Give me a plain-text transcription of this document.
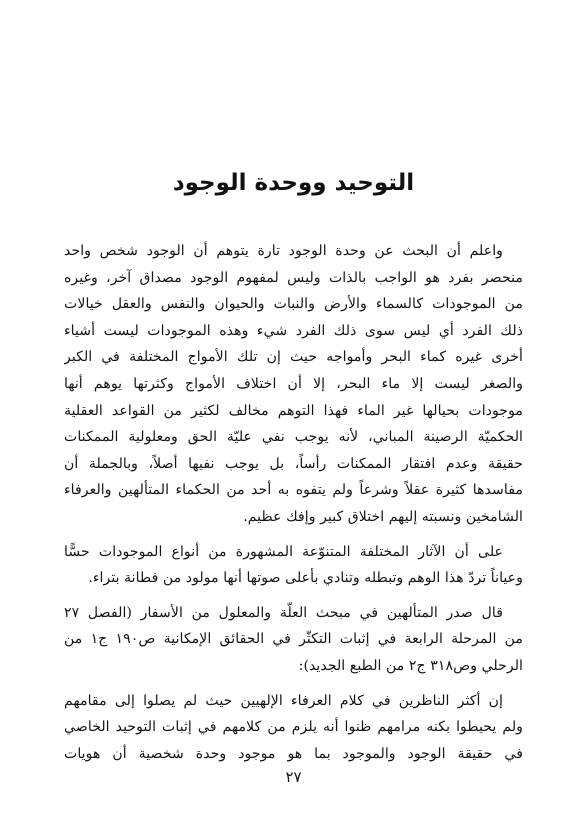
التوحيد ووحدة الوجود

واعلم أن البحث عن وحدة الوجود تارة يتوهم أن الوجود شخص واحد
منحصر بفرد هو الواجب بالذات وليس لمفهوم الوجود مصداق آخر، وغيره
من الموجودات كالسماء والأرض والنبات والحيوان والنفس والعقل خيالات
ذلك الفرد أي ليس سوى ذلك الفرد شيء وهذه الموجودات ليست أشياء
أخرى غيره كماء البحر وأمواجه حيث إن تلك الأمواج المختلفة في الكبر
والصغر ليست إلا ماء البحر، إلا أن اختلاف الأمواج وكثرتها يوهم أنها
موجودات بحيالها غير الماء فهذا التوهم مخالف لكثير من القواعد العقلية
الحكميّة الرصينة المباني، لأنه يوجب نفي عليّة الحق ومعلولية الممكنات
حقيقة وعدم افتقار الممكنات رأساً، بل يوجب نفيها أصلاً، وبالجملة أن
مفاسدها كثيرة عقلاً وشرعاً ولم يتفوه به أحد من الحكماء المتألهين والعرفاء
الشامخين ونسبته إليهم اختلاق كبير وإفك عظيم.

على أن الآثار المختلفة المتنوّعة المشهورة من أنواع الموجودات حسًّا
وعياناً تردّ هذا الوهم وتبطله وتنادي بأعلى صوتها أنها مولود من فطانة بتراء.

قال صدر المتألهين في مبحث العلّة والمعلول من الأسفار (الفصل ٢٧
من المرحلة الرابعة في إثبات التكثّر في الحقائق الإمكانية ص١٩٠ ج١ من
الرحلي وص٣١٨ ج٢ من الطبع الجديد):

إن أكثر الناظرين في كلام العرفاء الإلهيين حيث لم يصلوا إلى مقامهم
ولم يحيطوا بكنه مرامهم ظنوا أنه يلزم من كلامهم في إثبات التوحيد الخاصي
في حقيقة الوجود والموجود بما هو موجود وحدة شخصية أن هويات

٢٧
